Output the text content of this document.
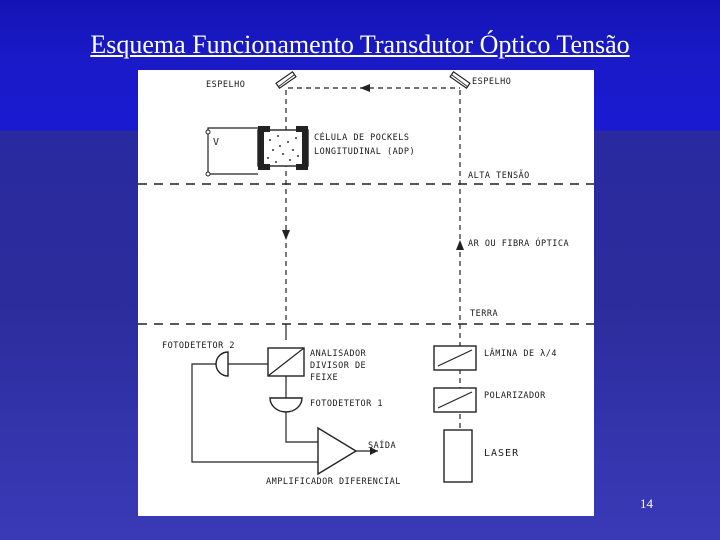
Esquema Funcionamento Transdutor Óptico Tensão
V
ESPELHO	ESPELHO
CÉLULA DE POCKELS
LONGITUDINAL (ADP)
ALTA TENSÃO
AR OU FIBRA ÓPTICA
TERRA
FOTODETETOR 2
ANALISADOR
DIVISOR DE
FEIXE
FOTODETETOR 1
SAÍDA
AMPLIFICADOR DIFERENCIAL
LÂMINA DE λ/4
POLARIZADOR
LASER
14
